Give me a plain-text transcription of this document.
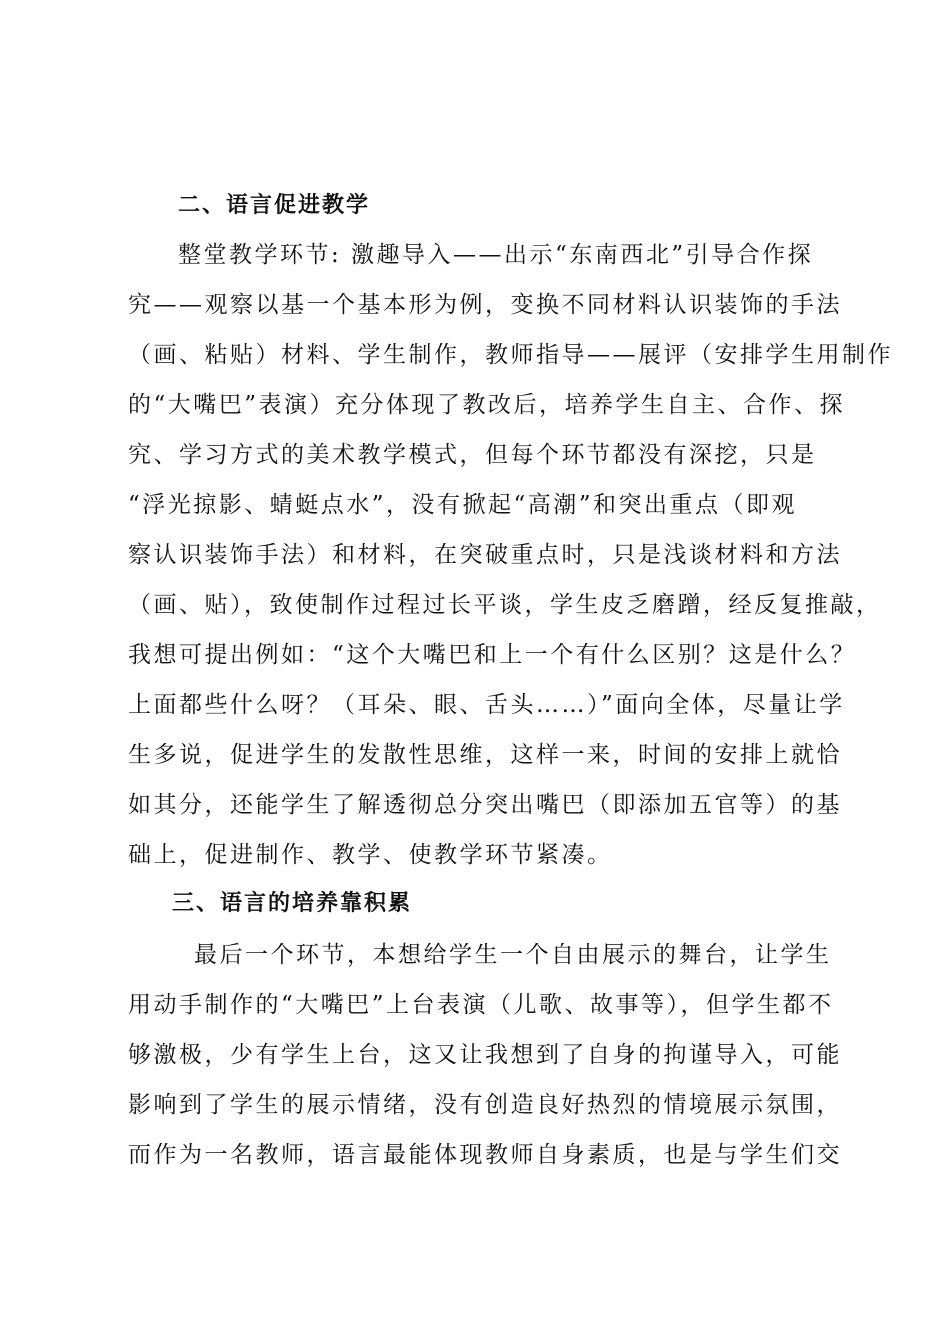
二、语言促进教学
整堂教学环节: 激趣导入——出示“东南西北”引导合作探
究——观察以基一个基本形为例，变换不同材料认识装饰的手法
（画、粘贴）材料、学生制作，教师指导——展评（安排学生用制作
的“大嘴巴”表演）充分体现了教改后，培养学生自主、合作、探
究、学习方式的美术教学模式，但每个环节都没有深挖，只是
“浮光掠影、蜻蜓点水”，没有掀起“高潮”和突出重点（即观
察认识装饰手法）和材料，在突破重点时，只是浅谈材料和方法
（画、贴），致使制作过程过长平谈，学生皮乏磨蹭，经反复推敲，
我想可提出例如：“这个大嘴巴和上一个有什么区别？这是什么？
上面都些什么呀？（耳朵、眼、舌头……）”面向全体，尽量让学
生多说，促进学生的发散性思维，这样一来，时间的安排上就恰
如其分，还能学生了解透彻总分突出嘴巴（即添加五官等）的基
础上，促进制作、教学、使教学环节紧凑。
三、语言的培养靠积累
最后一个环节，本想给学生一个自由展示的舞台，让学生
用动手制作的“大嘴巴”上台表演（儿歌、故事等），但学生都不
够激极，少有学生上台，这又让我想到了自身的拘谨导入，可能
影响到了学生的展示情绪，没有创造良好热烈的情境展示氛围，
而作为一名教师，语言最能体现教师自身素质，也是与学生们交
